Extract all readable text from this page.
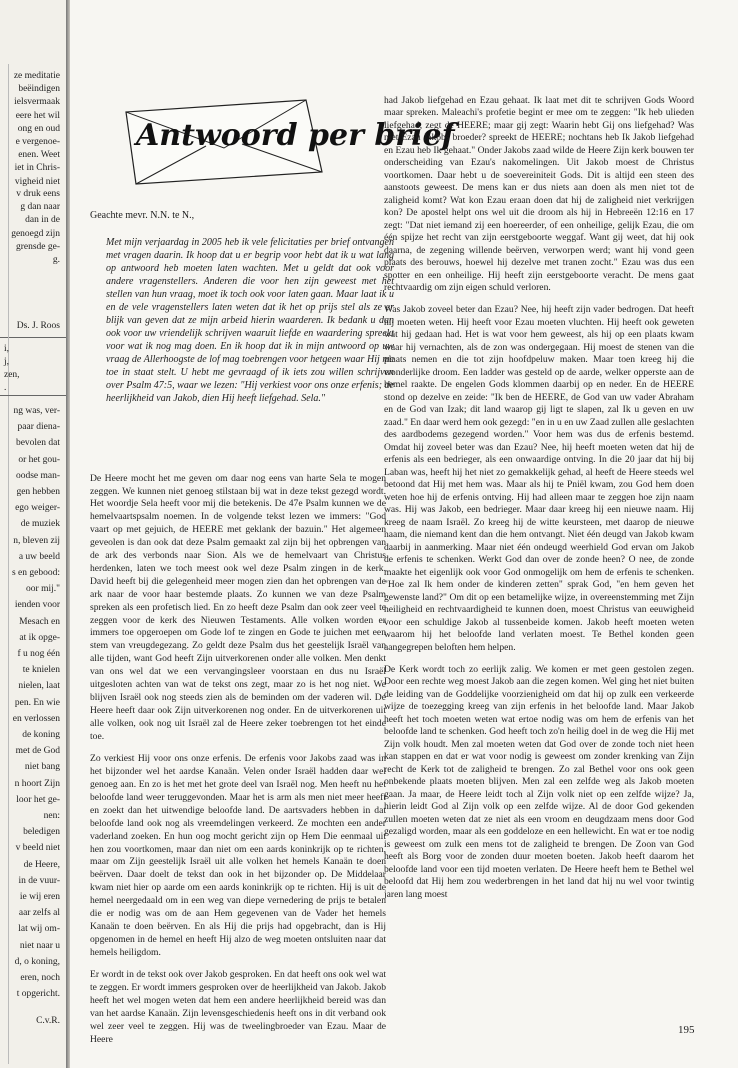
ze meditatie
beëindigen
ielsvermaak
eere het wil
ong en oud
e vergenoe-
enen. Weet
iet in Chris-
vigheid niet
v druk eens
g dan naar
dan in de
genoegd zijn
grensde ge-
g.
Ds. J. Roos
i,
j,
zen,
.
ng was, ver-
paar diena-
bevolen dat
or het gou-
oodse man-
gen hebben
ego weiger-
de muziek
n, bleven zij
a uw beeld
s en gebood:
oor mij."
ienden voor
Mesach en
at ik opge-
f u nog één
te knielen
nielen, laat
pen. En wie
en verlossen
de koning
met de God
niet bang
n hoort Zijn
loor het ge-
nen:
beledigen
v beeld niet
de Heere,
in de vuur-
ie wij eren
aar zelfs al
lat wij om-
niet naar u
d, o koning,
eren, noch
t opgericht.
C.v.R.
Antwoord per brief
Geachte mevr. N.N. te N.,
Met mijn verjaardag in 2005 heb ik vele felicitaties per brief ontvangen met vragen daarin. Ik hoop dat u er begrip voor hebt dat ik u wat lang op antwoord heb moeten laten wachten. Met u geldt dat ook voor andere vragenstellers. Anderen die voor hen zijn geweest met het stellen van hun vraag, moet ik toch ook voor laten gaan. Maar laat ik u en de vele vragenstellers laten weten dat ik het op prijs stel als ze er blijk van geven dat ze mijn arbeid hierin waarderen. Ik bedank u dan ook voor uw vriendelijk schrijven waaruit liefde en waardering spreekt voor wat ik nog mag doen. En ik hoop dat ik in mijn antwoord op uw vraag de Allerhoogste de lof mag toebrengen voor hetgeen waar Hij me toe in staat stelt. U hebt me gevraagd of ik iets zou willen schrijven over Psalm 47:5, waar we lezen: "Hij verkiest voor ons onze erfenis; de heerlijkheid van Jakob, dien Hij heeft liefgehad. Sela."

De Heere mocht het me geven om daar nog eens van harte Sela tе mogen zeggen. We kunnen niet genoeg stilstaan bij wat in deze tekst gezegd wordt. Het woordje Sela heeft voor mij die betekenis. De 47e Psalm kunnen we de hemelvaartspsalm noemen. In de volgende tekst lezen we immers: "God vaart op met gejuich, de HEERE met geklank der bazuin." Het algemeen geveolen is dan ook dat deze Psalm gemaakt zal zijn bij het opbrengen van de ark des verbonds naar Sion. Als we de hemelvaart van Christus herdenken, laten we toch meest ook wel deze Psalm zingen in de kerk. David heeft bij die gelegenheid meer mogen zien dan het opbrengen van de ark naar de voor haar bestemde plaats. Zo kunnen we van deze Psalm spreken als een profetisch lied. En zo heeft deze Psalm dan ook zeer veel te zeggen voor de kerk des Nieuwen Testaments. Alle volken worden er immers toe opgeroepen om Gode lof te zingen en Gode te juichen met een stem van vreugdegezang. Zo geldt deze Psalm dus het geestelijk Israël van alle tijden, want God heeft Zijn uitverkorenen onder alle volken. Men denkt van ons wel dat we een vervangingsleer voorstaan en dus nu Israël uitgesloten achten van wat de tekst ons zegt, maar zo is het nog niet. We blijven Israël ook nog steeds zien als de beminden om der vaderen wil. De Heere heeft daar ook Zijn uitverkorenen nog onder. En de uitverkorenen uit alle volken, ook nog uit Israël zal de Heere zeker toebrengen tot het einde toe.

Zo verkiest Hij voor ons onze erfenis. De erfenis voor Jakobs zaad was in het bijzonder wel het aardse Kanaän. Velen onder Israël hadden daar wel genoeg aan. En zo is het met het grote deel van Israël nog. Men heeft nu het beloofde land weer teruggevonden. Maar het is arm als men niet meer heeft en zoekt dan het uitwendige beloofde land. De aartsvaders hebben in dat beloofde land ook nog als vreemdelingen verkeerd. Ze mochten een ander vaderland zoeken. En hun oog mocht gericht zijn op Hem Die eenmaal uit hen zou voortkomen, maar dan niet om een aards koninkrijk op te richten, maar om Zijn geestelijk Israël uit alle volken het hemels Kanaän te doen beërven. Daar doelt de tekst dan ook in het bijzonder op. De Middelaar kwam niet hier op aarde om een aards koninkrijk op te richten. Hij is uit de hemel neergedaald om in een weg van diepe vernedering de prijs te betalen die er nodig was om de aan Hem gegevenen van de Vader het hemels Kanaän te doen beërven. En als Hij die prijs had opgebracht, dan is Hij opgenomen in de hemel en heeft Hij alzo de weg moeten ontsluiten naar dat hemels heiligdom.

Er wordt in de tekst ook over Jakob gesproken. En dat heeft ons ook wel wat te zeggen. Er wordt immers gesproken over de heerlijkheid van Jakob. Jakob heeft het wel mogen weten dat hem een andere heerlijkheid bereid was dan van het aardse Kanaän. Zijn levensgeschiedenis heeft ons in dit verband ook wel zeer veel te zeggen. Hij was de tweelingbroeder van Ezau. Maar de Heere

had Jakob liefgehad en Ezau gehaat. Ik laat met dit te schrijven Gods Woord maar spreken. Maleachi's profetie begint er mee om te zeggen: "Ik heb ulieden liefgehad, zegt de HEERE; maar gij zegt: Waarin hebt Gij ons liefgehad? Was niet Ezau Jakobs broeder? spreekt de HEERE; nochtans heb Ik Jakob liefgehad en Ezau heb Ik gehaat." Onder Jakobs zaad wilde de Heere Zijn kerk bouwen ter onderscheiding van Ezau's nakomelingen. Uit Jakob moest de Christus voortkomen. Daar hebt u de soevereiniteit Gods. Dit is altijd een steen des aanstoots geweest. De mens kan er dus niets aan doen als men niet tot de zaligheid komt? Wat kon Ezau eraan doen dat hij de zaligheid niet verkrijgen kon? De apostel helpt ons wel uit die droom als hij in Hebreeën 12:16 en 17 zegt: "Dat niet iemand zij een hoereerder, of een onheilige, gelijk Ezau, die om één spijze het recht van zijn eerstgeboorte weggaf. Want gij weet, dat hij ook daarna, de zegening willende beërven, verworpen werd; want hij vond geen plaats des berouws, hoewel hij dezelve met tranen zocht." Ezau was dus een spotter en een onheilige. Hij heeft zijn eerstgeboorte veracht. De mens gaat rechtvaardig om zijn eigen schuld verloren.

Was Jakob zoveel beter dan Ezau? Nee, hij heeft zijn vader bedrogen. Dat heeft hij moeten weten. Hij heeft voor Ezau moeten vluchten. Hij heeft ook geweten wat hij gedaan had. Het is wat voor hem geweest, als hij op een plaats kwam waar hij vernachten, als de zon was ondergegaan. Hij moest de stenen van die plaats nemen en die tot zijn hoofdpeluw maken. Maar toen kreeg hij die wonderlijke droom. Een ladder was gesteld op de aarde, welker opperste aan de hemel raakte. De engelen Gods klommen daarbij op en neder. En de HEERE stond op dezelve en zeide: "Ik ben de HEERE, de God van uw vader Abraham en de God van Izak; dit land waarop gij ligt te slapen, zal Ik u geven en uw zaad." En daar werd hem ook gezegd: "en in u en uw Zaad zullen alle geslachten des aardbodems gezegend worden." Voor hem was dus de erfenis bestemd. Omdat hij zoveel beter was dan Ezau? Nee, hij heeft moeten weten dat hij de erfenis als een bedrieger, als een onwaardige ontving. In die 20 jaar dat hij bij Laban was, heeft hij het niet zo gemakkelijk gehad, al heeft de Heere steeds wel betoond dat Hij met hem was. Maar als hij te Pniël kwam, zou God hem doen weten hoe hij de erfenis ontving. Hij had alleen maar te zeggen hoe zijn naam was. Hij was Jakob, een bedrieger. Maar daar kreeg hij een nieuwe naam. Hij kreeg de naam Israël. Zo kreeg hij de witte keursteen, met daarop de nieuwe naam, die niemand kent dan die hem ontvangt. Niet één deugd van Jakob kwam daarbij in aanmerking. Maar niet één ondeugd weerhield God ervan om Jakob de erfenis te schenken. Werkt God dan over de zonde heen? O nee, de zonde maakte het eigenlijk ook voor God onmogelijk om hem de erfenis te schenken. "Hoe zal Ik hem onder de kinderen zetten" sprak God, "en hem geven het gewenste land?" Om dit op een betamelijke wijze, in overeenstemming met Zijn heiligheid en rechtvaardigheid te kunnen doen, moest Christus van eeuwigheid voor een schuldige Jakob al tussenbeide komen. Jakob heeft moeten weten waarom hij het beloofde land verlaten moest. Te Bethel konden geen aangegrepen beloften hem helpen.

De Kerk wordt toch zo eerlijk zalig. We komen er met geen gestolen zegen. Door een rechte weg moest Jakob aan die zegen komen. Wel ging het niet buiten de leiding van de Goddelijke voorzienigheid om dat hij op zulk een verkeerde wijze de toezegging kreeg van zijn erfenis in het beloofde land. Maar Jakob heeft het toch moeten weten wat ertoe nodig was om hem de erfenis van het beloofde land te schenken. God heeft toch zo'n heilig doel in de weg die Hij met Zijn volk houdt. Men zal moeten weten dat God over de zonde toch niet heen kan stappen en dat er wat voor nodig is geweest om zonder krenking van Zijn recht de Kerk tot de zaligheid te brengen. Zo zal Bethel voor ons ook geen onbekende plaats moeten blijven. Men zal een zelfde weg als Jakob moeten gaan. Ja maar, de Heere leidt toch al Zijn volk niet op een zelfde wijze? Ja, hierin leidt God al Zijn volk op een zelfde wijze. Al de door God gekenden zullen moeten weten dat ze niet als een vroom en deugdzaam mens door God gezaligd worden, maar als een goddeloze en een hellewicht. En wat er toe nodig is geweest om zulk een mens tot de zaligheid te brengen. De Zoon van God heeft als Borg voor de zonden duur moeten boeten. Jakob heeft daarom het beloofde land voor een tijd moeten verlaten. De Heere heeft hem te Bethel wel beloofd dat Hij hem zou wederbrengen in het land dat hij nu wel voor twintig jaren lang moest

195
